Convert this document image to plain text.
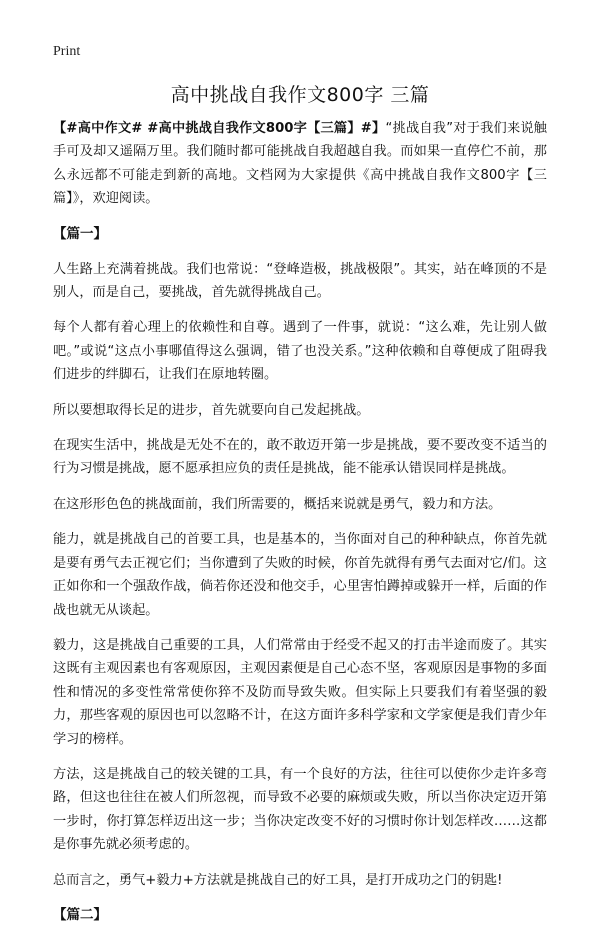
Print
高中挑战自我作文800字 三篇

【#高中作文# #高中挑战自我作文800字【三篇】#】“挑战自我”对于我们来说触手可及却又遥隔万里。我们随时都可能挑战自我超越自我。而如果一直停伫不前，那么永远都不可能走到新的高地。文档网为大家提供《高中挑战自我作文800字【三篇】》，欢迎阅读。

【篇一】

人生路上充满着挑战。我们也常说：“登峰造极，挑战极限”。其实，站在峰顶的不是别人，而是自己，要挑战，首先就得挑战自己。

每个人都有着心理上的依赖性和自尊。遇到了一件事，就说：“这么难，先让别人做吧。”或说“这点小事哪值得这么强调，错了也没关系。”这种依赖和自尊便成了阻碍我们进步的绊脚石，让我们在原地转圈。

所以要想取得长足的进步，首先就要向自己发起挑战。

在现实生活中，挑战是无处不在的，敢不敢迈开第一步是挑战，要不要改变不适当的行为习惯是挑战，愿不愿承担应负的责任是挑战，能不能承认错误同样是挑战。

在这形形色色的挑战面前，我们所需要的，概括来说就是勇气，毅力和方法。

能力，就是挑战自己的首要工具，也是基本的，当你面对自己的种种缺点，你首先就是要有勇气去正视它们；当你遭到了失败的时候，你首先就得有勇气去面对它/们。这正如你和一个强敌作战，倘若你还没和他交手，心里害怕蹲掉或躲开一样，后面的作战也就无从谈起。

毅力，这是挑战自己重要的工具，人们常常由于经受不起又的打击半途而废了。其实这既有主观因素也有客观原因，主观因素便是自己心态不坚，客观原因是事物的多面性和情况的多变性常常使你猝不及防而导致失败。但实际上只要我们有着坚强的毅力，那些客观的原因也可以忽略不计，在这方面许多科学家和文学家便是我们青少年学习的榜样。

方法，这是挑战自己的较关键的工具，有一个良好的方法，往往可以使你少走许多弯路，但这也往往在被人们所忽视，而导致不必要的麻烦或失败，所以当你决定迈开第一步时，你打算怎样迈出这一步；当你决定改变不好的习惯时你计划怎样改……这都是你事先就必须考虑的。

总而言之，勇气+毅力+方法就是挑战自己的好工具，是打开成功之门的钥匙!

【篇二】
